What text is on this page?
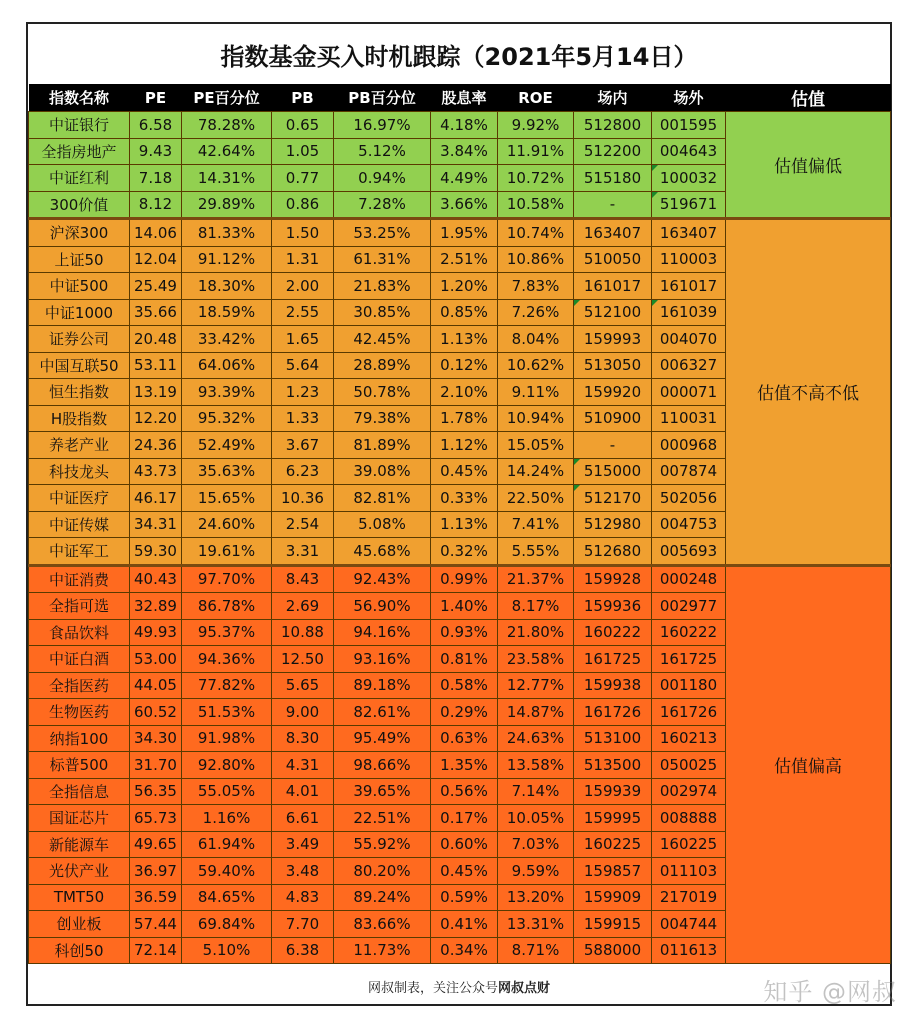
指数基金买入时机跟踪（2021年5月14日）
指数名称	PE	PE百分位	PB	PB百分位	股息率	ROE	场内	场外	估值
中证银行	6.58	78.28%	0.65	16.97%	4.18%	9.92%	512800	001595	估值偏低
全指房地产	9.43	42.64%	1.05	5.12%	3.84%	11.91%	512200	004643	
中证红利	7.18	14.31%	0.77	0.94%	4.49%	10.72%	515180	100032	
300价值	8.12	29.89%	0.86	7.28%	3.66%	10.58%	-	519671	
沪深300	14.06	81.33%	1.50	53.25%	1.95%	10.74%	163407	163407	估值不高不低
上证50	12.04	91.12%	1.31	61.31%	2.51%	10.86%	510050	110003	
中证500	25.49	18.30%	2.00	21.83%	1.20%	7.83%	161017	161017	
中证1000	35.66	18.59%	2.55	30.85%	0.85%	7.26%	512100	161039	
证券公司	20.48	33.42%	1.65	42.45%	1.13%	8.04%	159993	004070	
中国互联50	53.11	64.06%	5.64	28.89%	0.12%	10.62%	513050	006327	
恒生指数	13.19	93.39%	1.23	50.78%	2.10%	9.11%	159920	000071	
H股指数	12.20	95.32%	1.33	79.38%	1.78%	10.94%	510900	110031	
养老产业	24.36	52.49%	3.67	81.89%	1.12%	15.05%	-	000968	
科技龙头	43.73	35.63%	6.23	39.08%	0.45%	14.24%	515000	007874	
中证医疗	46.17	15.65%	10.36	82.81%	0.33%	22.50%	512170	502056	
中证传媒	34.31	24.60%	2.54	5.08%	1.13%	7.41%	512980	004753	
中证军工	59.30	19.61%	3.31	45.68%	0.32%	5.55%	512680	005693	
中证消费	40.43	97.70%	8.43	92.43%	0.99%	21.37%	159928	000248	估值偏高
全指可选	32.89	86.78%	2.69	56.90%	1.40%	8.17%	159936	002977	
食品饮料	49.93	95.37%	10.88	94.16%	0.93%	21.80%	160222	160222	
中证白酒	53.00	94.36%	12.50	93.16%	0.81%	23.58%	161725	161725	
全指医药	44.05	77.82%	5.65	89.18%	0.58%	12.77%	159938	001180	
生物医药	60.52	51.53%	9.00	82.61%	0.29%	14.87%	161726	161726	
纳指100	34.30	91.98%	8.30	95.49%	0.63%	24.63%	513100	160213	
标普500	31.70	92.80%	4.31	98.66%	1.35%	13.58%	513500	050025	
全指信息	56.35	55.05%	4.01	39.65%	0.56%	7.14%	159939	002974	
国证芯片	65.73	1.16%	6.61	22.51%	0.17%	10.05%	159995	008888	
新能源车	49.65	61.94%	3.49	55.92%	0.60%	7.03%	160225	160225	
光伏产业	36.97	59.40%	3.48	80.20%	0.45%	9.59%	159857	011103	
TMT50	36.59	84.65%	4.83	89.24%	0.59%	13.20%	159909	217019	
创业板	57.44	69.84%	7.70	83.66%	0.41%	13.31%	159915	004744	
科创50	72.14	5.10%	6.38	11.73%	0.34%	8.71%	588000	011613	
网叔制表，关注公众号 网叔点财	知乎 @网叔
